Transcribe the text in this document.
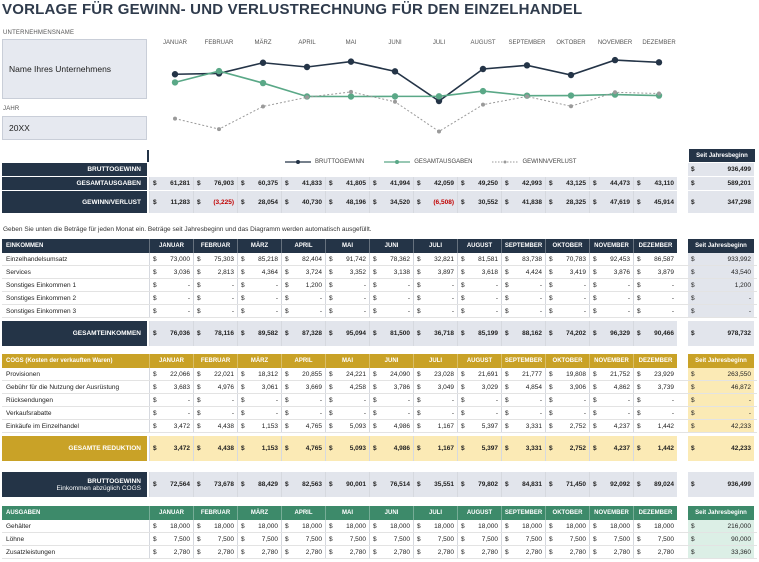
VORLAGE FÜR GEWINN- UND VERLUSTRECHNUNG FÜR DEN EINZELHANDEL
UNTERNEHMENSNAME
Name Ihres Unternehmens
JAHR
20XX
JANUAR	FEBRUAR	MÄRZ	APRIL	MAI	JUNI	JULI	AUGUST	SEPTEMBER	OKTOBER	NOVEMBER	DEZEMBER
BRUTTOGEWINN	GESAMTAUSGABEN	GEWINN/VERLUST
Seit Jahresbeginn
BRUTTOGEWINN	$	936,499
GESAMTAUSGABEN	$ 61,281 $ 76,903 $ 60,375 $ 41,833 $ 41,805 $ 41,994 $ 42,059 $ 49,250 $ 42,993 $ 43,125 $ 44,473 $ 43,110	$	589,201
GEWINN/VERLUST	$ 11,283 $ (3,225) $ 28,054 $ 40,730 $ 48,196 $ 34,520 $ (6,508) $ 30,552 $ 41,838 $ 28,325 $ 47,619 $ 45,914	$	347,298
Geben Sie unten die Beträge für jeden Monat ein. Beträge seit Jahresbeginn und das Diagramm werden automatisch ausgefüllt.
EINKOMMEN	JANUAR	FEBRUAR	MÄRZ	APRIL	MAI	JUNI	JULI	AUGUST	SEPTEMBER	OKTOBER	NOVEMBER	DEZEMBER	Seit Jahresbeginn
Einzelhandelsumsatz	$ 73,000 $ 75,303 $ 85,218 $ 82,404 $ 91,742 $ 78,362 $ 32,821 $ 81,581 $ 83,738 $ 70,783 $ 92,453 $ 86,587	$	933,992
Services	$	3,036 $	2,813 $	4,364 $	3,724 $	3,352 $	3,138 $	3,897 $	3,618 $	4,424 $	3,419 $	3,876 $	3,879	$	43,540
Sonstiges Einkommen 1	$	- $	- $	- $	1,200 $	- $	- $	- $	- $	- $	- $	- $	-	$	1,200
Sonstiges Einkommen 2	$	- $	- $	- $	- $	- $	- $	- $	- $	- $	- $	- $	-	$	-
Sonstiges Einkommen 3	$	- $	- $	- $	- $	- $	- $	- $	- $	- $	- $	- $	-	$	-
GESAMTEINKOMMEN $ 76,036 $ 78,116 $ 89,582 $ 87,328 $ 95,094 $ 81,500 $ 36,718 $ 85,199 $ 88,162 $ 74,202 $ 96,329 $ 90,466	$	978,732
COGS (Kosten der verkauften Waren)	JANUAR	FEBRUAR	MÄRZ	APRIL	MAI	JUNI	JULI	AUGUST	SEPTEMBER	OKTOBER	NOVEMBER	DEZEMBER	Seit Jahresbeginn
Provisionen	$ 22,066 $ 22,021 $ 18,312 $ 20,855 $ 24,221 $ 24,090 $ 23,028 $ 21,691 $ 21,777 $ 19,808 $ 21,752 $ 23,929	$	263,550
Gebühr für die Nutzung der Ausrüstung	$	3,683 $	4,976 $	3,061 $	3,669 $	4,258 $	3,786 $	3,049 $	3,029 $	4,854 $	3,906 $	4,862 $	3,739	$	46,872
Rücksendungen	$	- $	- $	- $	- $	- $	- $	- $	- $	- $	- $	- $	-	$	-
Verkaufsrabatte	$	- $	- $	- $	- $	- $	- $	- $	- $	- $	- $	- $	-	$	-
Einkäufe im Einzelhandel	$	3,472 $	4,438 $	1,153 $	4,765 $	5,093 $	4,986 $	1,167 $	5,397 $	3,331 $	2,752 $	4,237 $	1,442	$	42,233
GESAMTE REDUKTION $	3,472 $	4,438 $	1,153 $	4,765 $	5,093 $	4,986 $	1,167 $	5,397 $	3,331 $	2,752 $	4,237 $	1,442	$	42,233
BRUTTOGEWINN
Einkommen abzüglich COGS $ 72,564 $ 73,678 $ 88,429 $ 82,563 $ 90,001 $ 76,514 $ 35,551 $ 79,802 $ 84,831 $ 71,450 $ 92,092 $ 89,024	$	936,499
AUSGABEN	JANUAR	FEBRUAR	MÄRZ	APRIL	MAI	JUNI	JULI	AUGUST	SEPTEMBER	OKTOBER	NOVEMBER	DEZEMBER	Seit Jahresbeginn
Gehälter	$ 18,000 $ 18,000 $ 18,000 $ 18,000 $ 18,000 $ 18,000 $ 18,000 $ 18,000 $ 18,000 $ 18,000 $ 18,000 $ 18,000	$	216,000
Löhne	$	7,500 $	7,500 $	7,500 $	7,500 $	7,500 $	7,500 $	7,500 $	7,500 $	7,500 $	7,500 $	7,500 $	7,500	$	90,000
Zusatzleistungen	$	2,780 $	2,780 $	2,780 $	2,780 $	2,780 $	2,780 $	2,780 $	2,780 $	2,780 $	2,780 $	2,780 $	2,780	$	33,360
